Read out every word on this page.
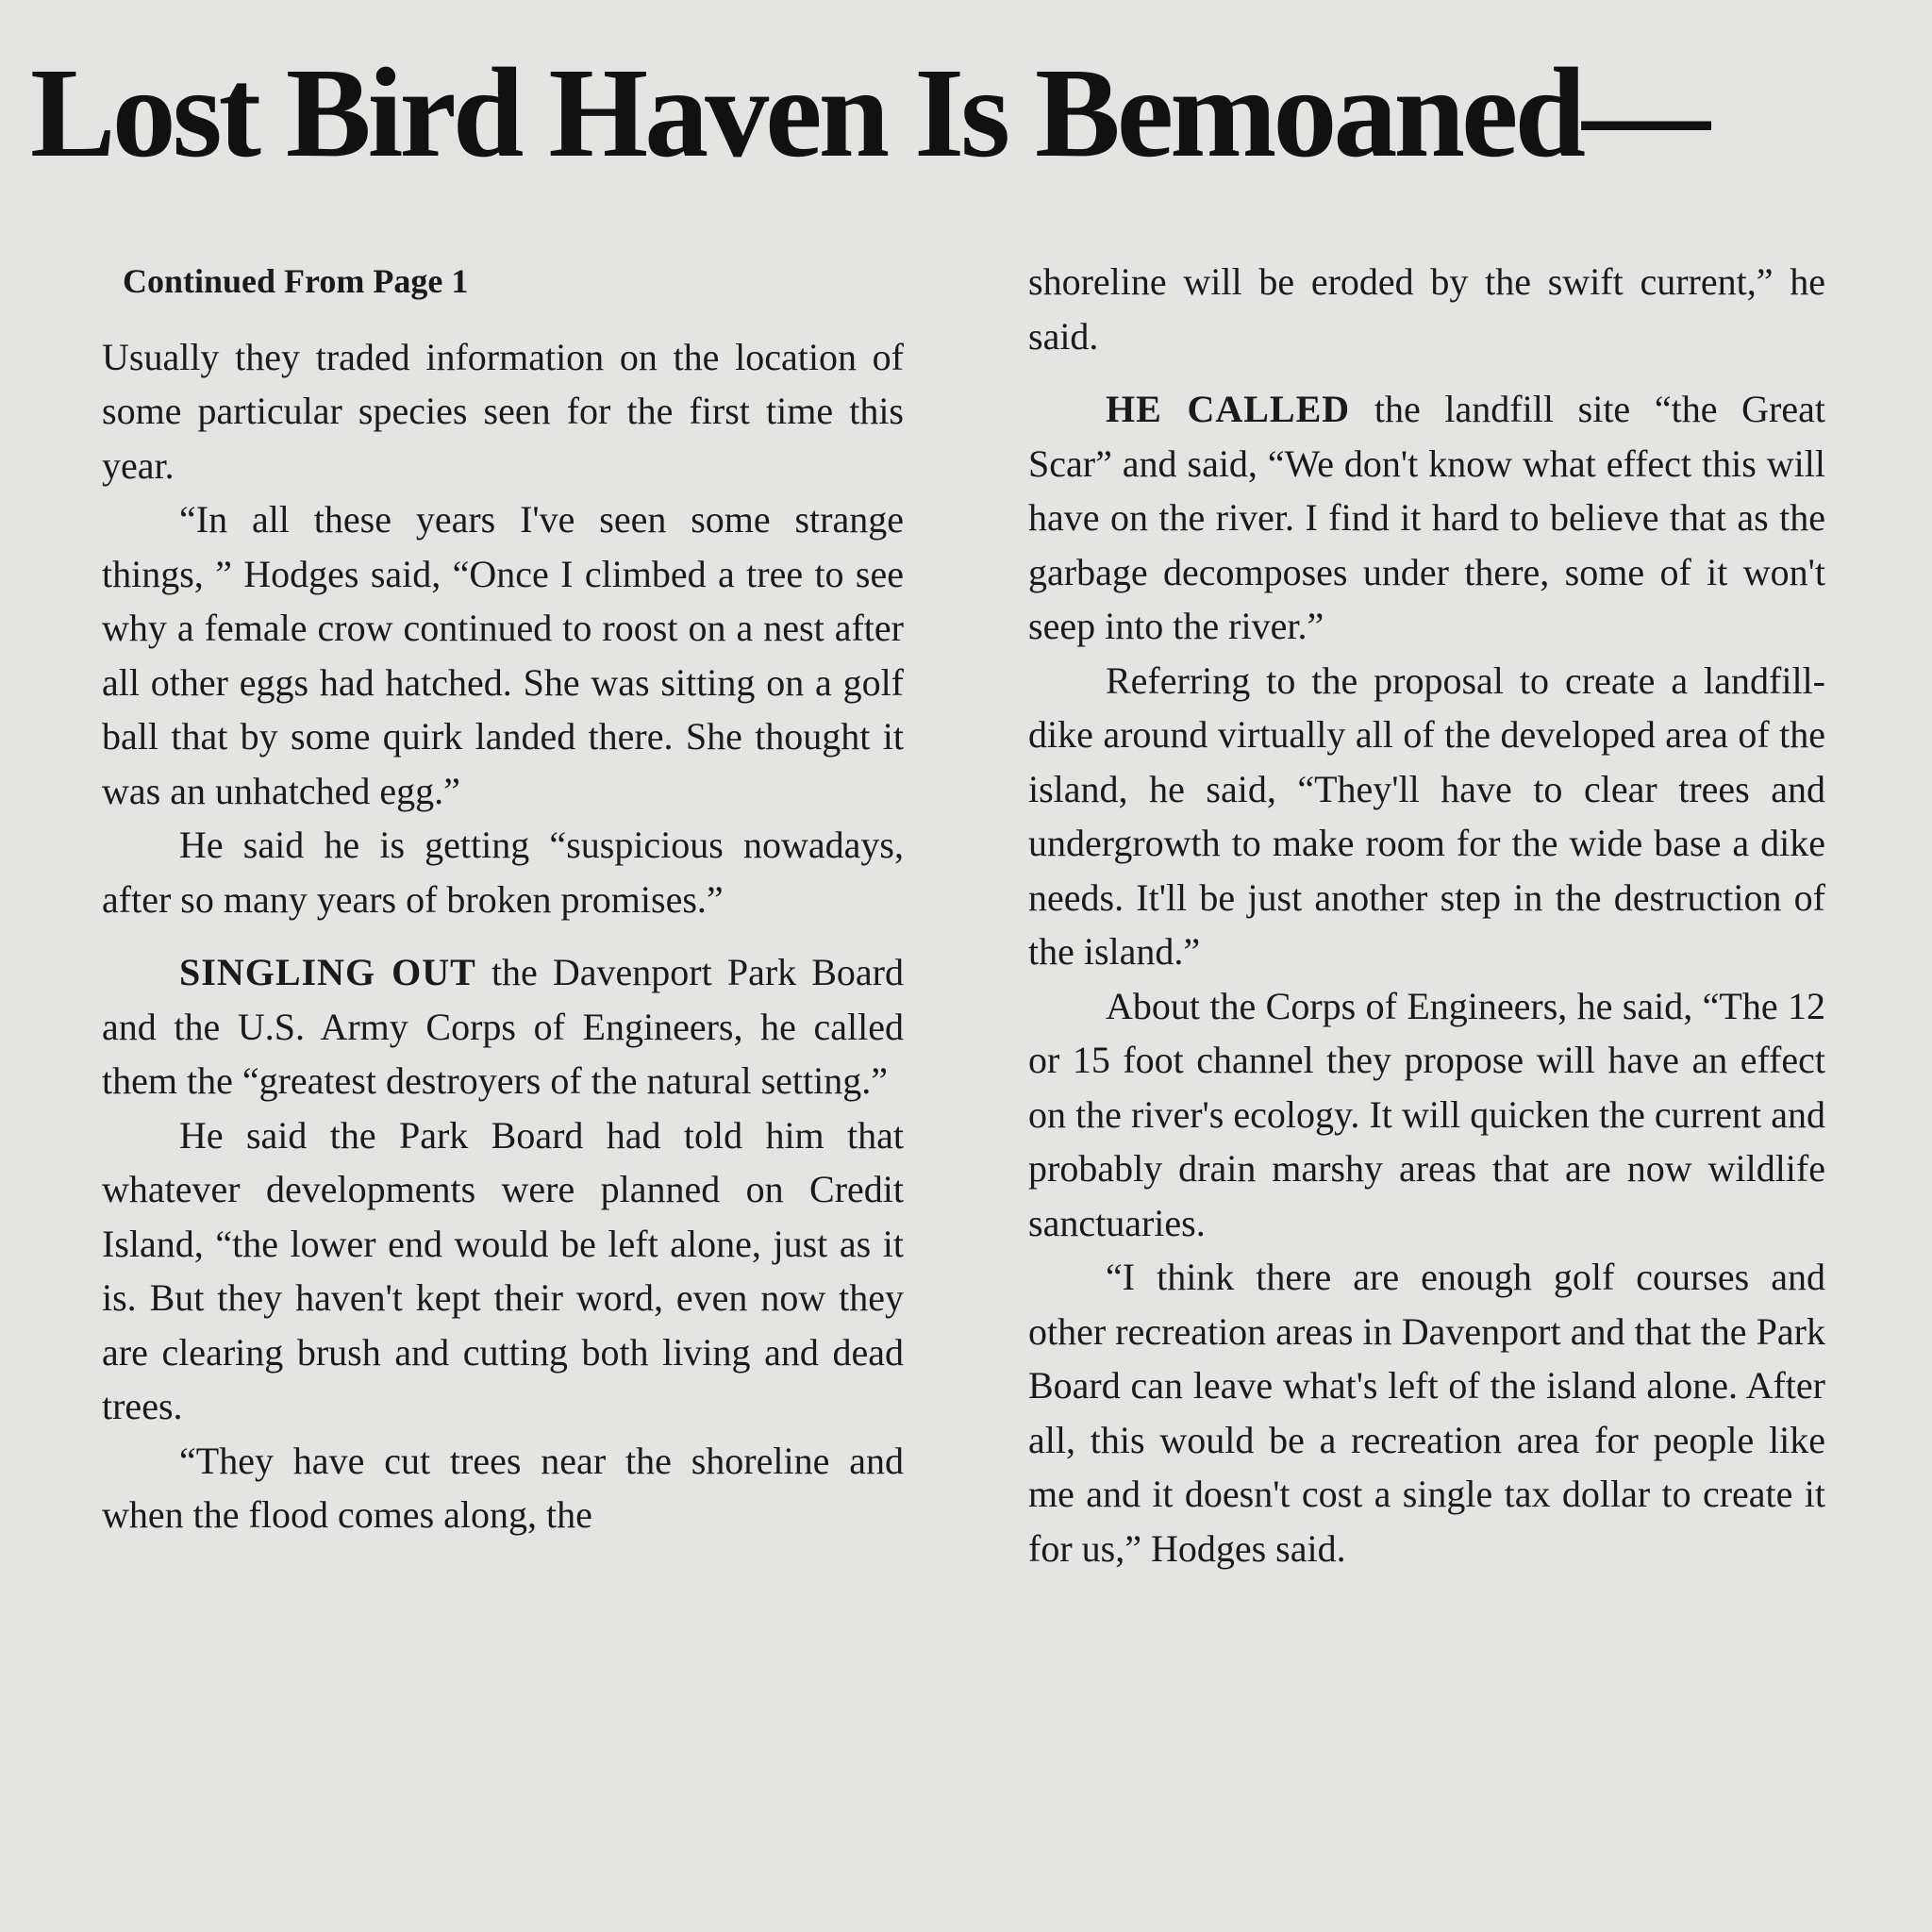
Lost Bird Haven Is Bemoaned—
Continued From Page 1

Usually they traded information on the location of some particular species seen for the first time this year.

“In all these years I've seen some strange things, ” Hodges said, “Once I climbed a tree to see why a female crow continued to roost on a nest after all other eggs had hatched. She was sitting on a golf ball that by some quirk landed there. She thought it was an unhatched egg.”

He said he is getting “suspicious nowadays, after so many years of broken promises.”

SINGLING OUT the Davenport Park Board and the U.S. Army Corps of Engineers, he called them the “greatest destroyers of the natural setting.”

He said the Park Board had told him that whatever developments were planned on Credit Island, “the lower end would be left alone, just as it is. But they haven't kept their word, even now they are clearing brush and cutting both living and dead trees.

“They have cut trees near the shoreline and when the flood comes along, the

shoreline will be eroded by the swift current,” he said.

HE CALLED the landfill site “the Great Scar” and said, “We don't know what effect this will have on the river. I find it hard to believe that as the garbage decomposes under there, some of it won't seep into the river.”

Referring to the proposal to create a landfill-dike around virtually all of the developed area of the island, he said, “They'll have to clear trees and undergrowth to make room for the wide base a dike needs. It'll be just another step in the destruction of the island.”

About the Corps of Engineers, he said, “The 12 or 15 foot channel they propose will have an effect on the river's ecology. It will quicken the current and probably drain marshy areas that are now wildlife sanctuaries.

“I think there are enough golf courses and other recreation areas in Davenport and that the Park Board can leave what's left of the island alone. After all, this would be a recreation area for people like me and it doesn't cost a single tax dollar to create it for us,” Hodges said.
